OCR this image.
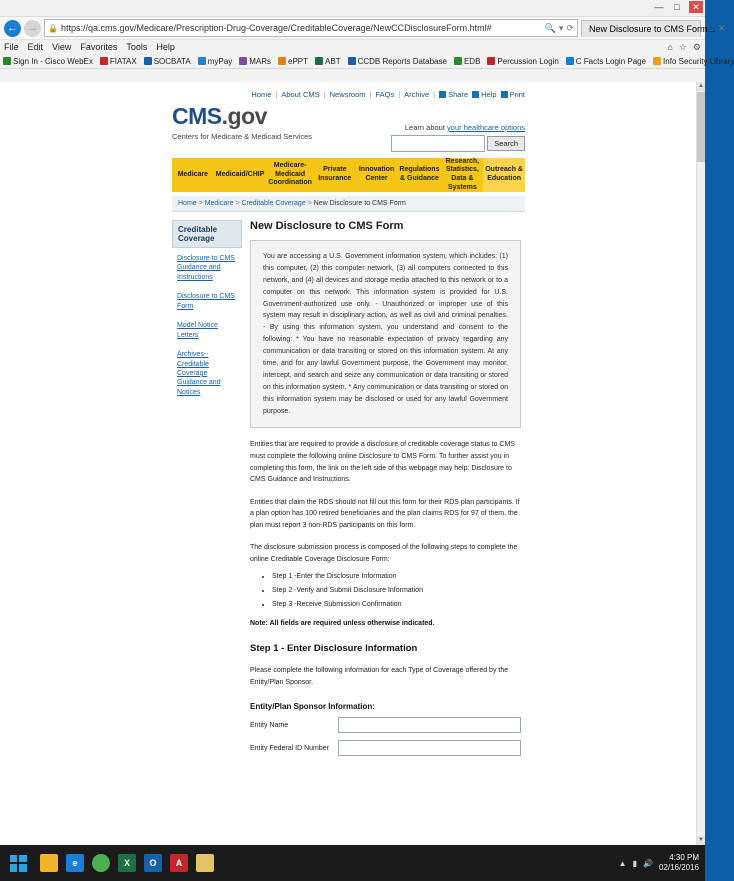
—	□	✕
← →	🔒 https://qa.cms.gov/Medicare/Prescription-Drug-Coverage/CreditableCoverage/NewCCDisclosureForm.html#	🔍 ▾ ⟳ New Disclosure to CMS Form... ✕
File Edit View Favorites Tools Help	⌂ ☆ ⚙
Sign In - Cisco WebEx FIATAX SOCBATA myPay MARs ePPT ABT CCDB Reports Database EDB Percussion Login C Facts Login Page Info Security Library
Home | About CMS | Newsroom | FAQs | Archive | Share Help Print
CMS.gov
Centers for Medicare & Medicaid Services
Learn about your healthcare options
Search
Medicare	Medicaid/CHIP
Medicare-Medicaid Coordination
Private Insurance
Innovation Center
Regulations & Guidance
Research, Statistics, Data & Systems
Outreach & Education
Home > Medicare > Creditable Coverage > New Disclosure to CMS Form
Creditable Coverage
Disclosure to CMS Guidance and Instructions
Disclosure to CMS Form
Model Notice Letters
Archives--Creditable Coverage Guidance and Notices
New Disclosure to CMS Form
You are accessing a U.S. Government information system, which includes: (1) this computer, (2) this computer network, (3) all computers connected to this network, and (4) all devices and storage media attached to this network or to a computer on this network. This information system is provided for U.S. Government-authorized use only. - Unauthorized or improper use of this system may result in disciplinary action, as well as civil and criminal penalties. - By using this information system, you understand and consent to the following: * You have no reasonable expectation of privacy regarding any communication or data transiting or stored on this information system. At any time, and for any lawful Government purpose, the Government may monitor, intercept, and search and seize any communication or data transiting or stored on this information system. * Any communication or data transiting or stored on this information system may be disclosed or used for any lawful Government purpose.

Entities that are required to provide a disclosure of creditable coverage status to CMS must complete the following online Disclosure to CMS Form. To further assist you in completing this form, the link on the left side of this webpage may help: Disclosure to CMS Guidance and Instructions.

Entities that claim the RDS should not fill out this form for their RDS plan participants. If a plan option has 100 retired beneficiaries and the plan claims RDS for 97 of them, the plan must report 3 non-RDS participants on this form.

The disclosure submission process is composed of the following steps to complete the online Creditable Coverage Disclosure Form:

• Step 1 -Enter the Disclosure Information
• Step 2 -Verify and Submit Disclosure Information
• Step 3 -Receive Submission Confirmation

Note: All fields are required unless otherwise indicated.

Step 1 - Enter Disclosure Information

Please complete the following information for each Type of Coverage offered by the Entity/Plan Sponsor.

Entity/Plan Sponsor Information:
Entity Name
Entity Federal ID Number
▲
▼
e	X	O	A	▲ ▮ 🔊
4:30 PM
02/16/2016
